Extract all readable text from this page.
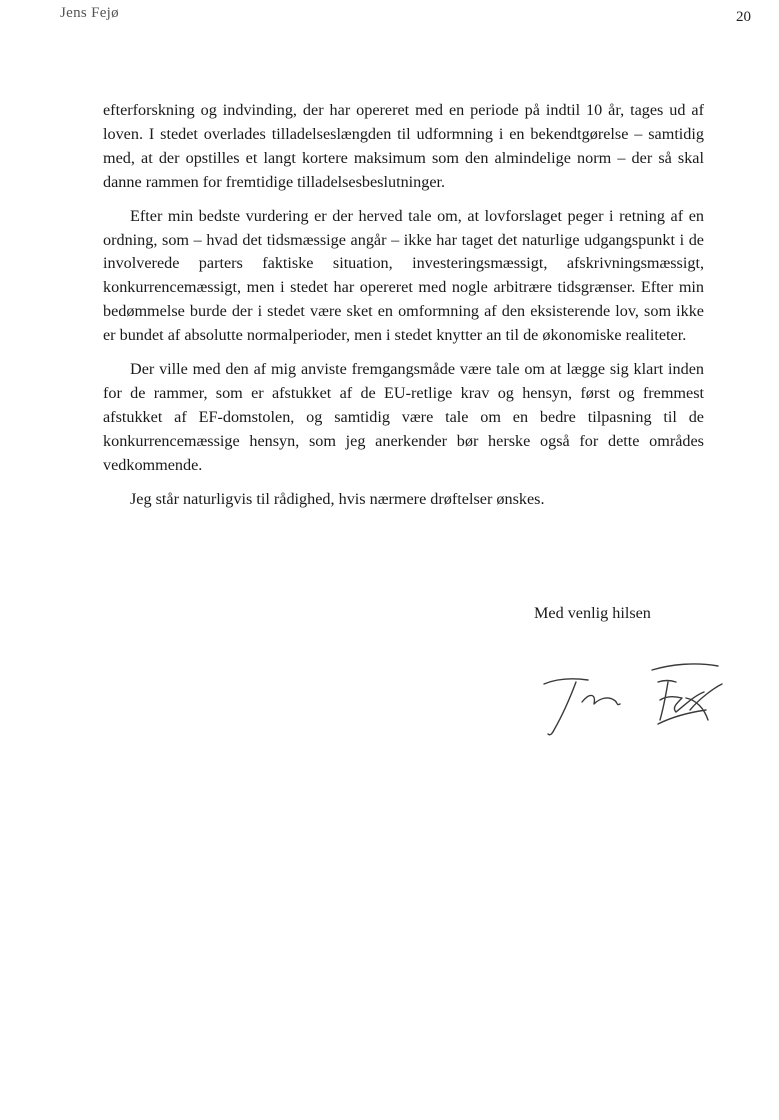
Jens Fejø	20

efterforskning og indvinding, der har opereret med en periode på indtil 10 år, tages ud af loven. I stedet overlades tilladelseslængden til udformning i en bekendtgørelse – samtidig med, at der opstilles et langt kortere maksimum som den almindelige norm – der så skal danne rammen for fremtidige tilladelsesbeslutninger.

Efter min bedste vurdering er der herved tale om, at lovforslaget peger i retning af en ordning, som – hvad det tidsmæssige angår – ikke har taget det naturlige udgangspunkt i de involverede parters faktiske situation, investeringsmæssigt, afskrivningsmæssigt, konkurrencemæssigt, men i stedet har opereret med nogle arbitrære tidsgrænser. Efter min bedømmelse burde der i stedet være sket en omformning af den eksisterende lov, som ikke er bundet af absolutte normalperioder, men i stedet knytter an til de økonomiske realiteter.

Der ville med den af mig anviste fremgangsmåde være tale om at lægge sig klart inden for de rammer, som er afstukket af de EU-retlige krav og hensyn, først og fremmest afstukket af EF-domstolen, og samtidig være tale om en bedre tilpasning til de konkurrencemæssige hensyn, som jeg anerkender bør herske også for dette områdes vedkommende.

Jeg står naturligvis til rådighed, hvis nærmere drøftelser ønskes.

Med venlig hilsen
